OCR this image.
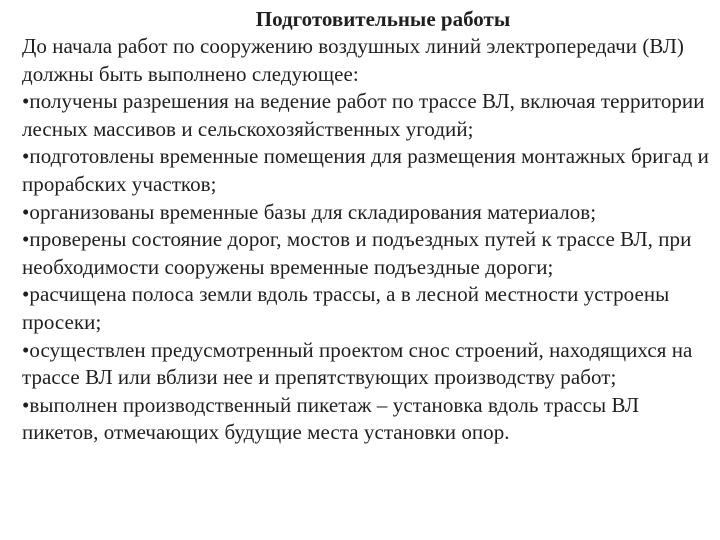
Подготовительные работы
До начала работ по сооружению воздушных линий электропередачи (ВЛ) должны быть выполнено следующее:
•получены разрешения на ведение работ по трассе ВЛ, включая территории лесных массивов и сельскохозяйственных угодий;
•подготовлены временные помещения для размещения монтажных бригад и прорабских участков;
•организованы временные базы для складирования материалов;
•проверены состояние дорог, мостов и подъездных путей к трассе ВЛ, при необходимости сооружены временные подъездные дороги;
•расчищена полоса земли вдоль трассы, а в лесной местности устроены просеки;
•осуществлен предусмотренный проектом снос строений, находящихся на трассе ВЛ или вблизи нее и препятствующих производству работ;
•выполнен производственный пикетаж – установка вдоль трассы ВЛ пикетов, отмечающих будущие места установки опор.
